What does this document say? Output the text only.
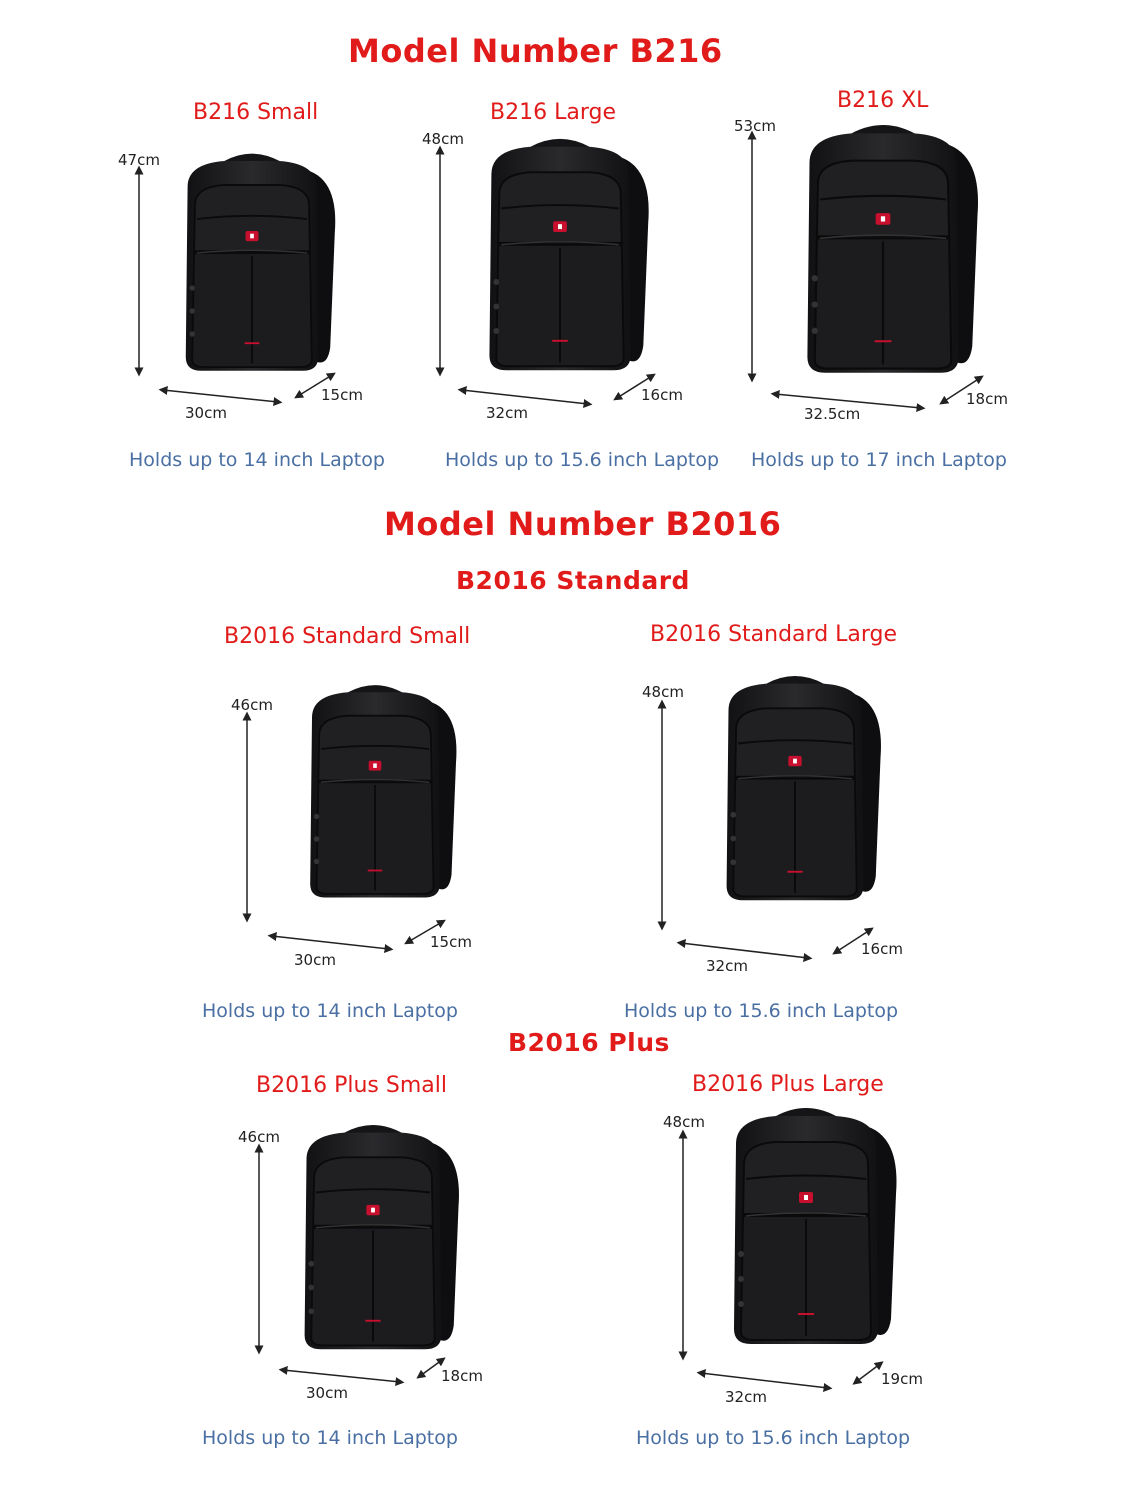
Model Number B216
Model Number B2016
B2016 Standard
B2016 Plus
B216 Small
47cm
30cm
15cm
Holds up to 14 inch Laptop
B216 Large
48cm
32cm
16cm
Holds up to 15.6 inch Laptop
B216 XL
53cm
32.5cm
18cm
Holds up to 17 inch Laptop
B2016 Standard Small
46cm
30cm
15cm
Holds up to 14 inch Laptop
B2016 Standard Large
48cm
32cm
16cm
Holds up to 15.6 inch Laptop
B2016 Plus Small
46cm
30cm
18cm
Holds up to 14 inch Laptop
B2016 Plus Large
48cm
32cm
19cm
Holds up to 15.6 inch Laptop
